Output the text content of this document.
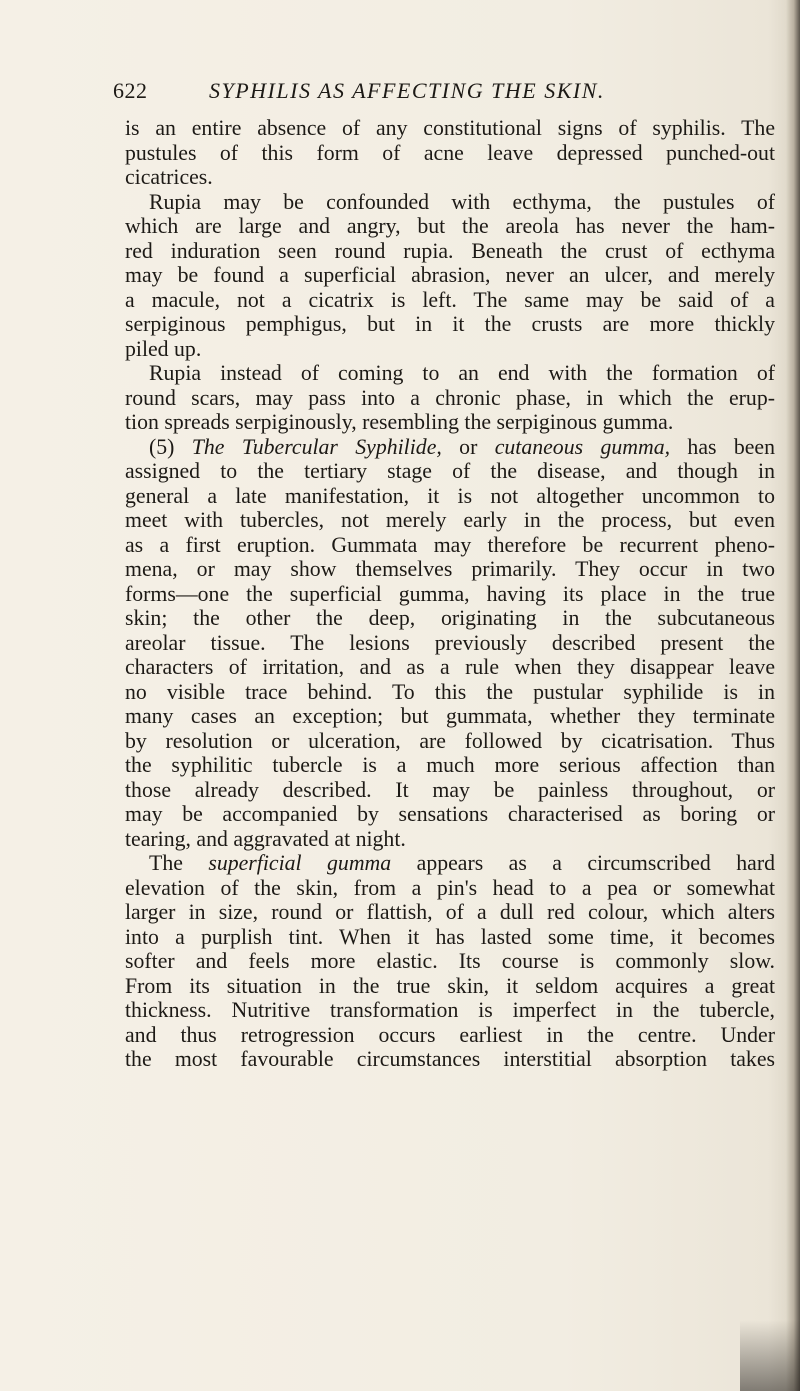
622	SYPHILIS AS AFFECTING THE SKIN.
is an entire absence of any constitutional signs of syphilis. The
pustules of this form of acne leave depressed punched-out
cicatrices.
Rupia may be confounded with ecthyma, the pustules of
which are large and angry, but the areola has never the ham-
red induration seen round rupia. Beneath the crust of ecthyma
may be found a superficial abrasion, never an ulcer, and merely
a macule, not a cicatrix is left. The same may be said of a
serpiginous pemphigus, but in it the crusts are more thickly
piled up.
Rupia instead of coming to an end with the formation of
round scars, may pass into a chronic phase, in which the erup-
tion spreads serpiginously, resembling the serpiginous gumma.
(5) The Tubercular Syphilide, or cutaneous gumma, has been
assigned to the tertiary stage of the disease, and though in
general a late manifestation, it is not altogether uncommon to
meet with tubercles, not merely early in the process, but even
as a first eruption. Gummata may therefore be recurrent pheno-
mena, or may show themselves primarily. They occur in two
forms—one the superficial gumma, having its place in the true
skin; the other the deep, originating in the subcutaneous
areolar tissue. The lesions previously described present the
characters of irritation, and as a rule when they disappear leave
no visible trace behind. To this the pustular syphilide is in
many cases an exception; but gummata, whether they terminate
by resolution or ulceration, are followed by cicatrisation. Thus
the syphilitic tubercle is a much more serious affection than
those already described. It may be painless throughout, or
may be accompanied by sensations characterised as boring or
tearing, and aggravated at night.
The superficial gumma appears as a circumscribed hard
elevation of the skin, from a pin's head to a pea or somewhat
larger in size, round or flattish, of a dull red colour, which alters
into a purplish tint. When it has lasted some time, it becomes
softer and feels more elastic. Its course is commonly slow.
From its situation in the true skin, it seldom acquires a great
thickness. Nutritive transformation is imperfect in the tubercle,
and thus retrogression occurs earliest in the centre. Under
the most favourable circumstances interstitial absorption takes
